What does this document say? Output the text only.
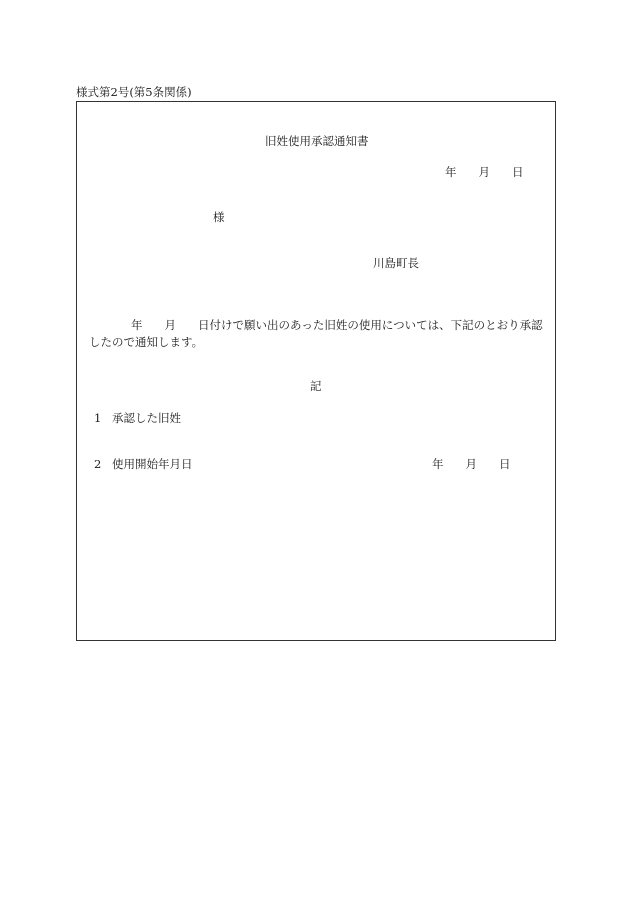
様式第2号(第5条関係)
旧姓使用承認通知書
年 月 日
様
川島町長
年 月 日付けで願い出のあった旧姓の使用については、下記のとおり承認
したので通知します。
記
1 承認した旧姓
2 使用開始年月日	年 月 日
